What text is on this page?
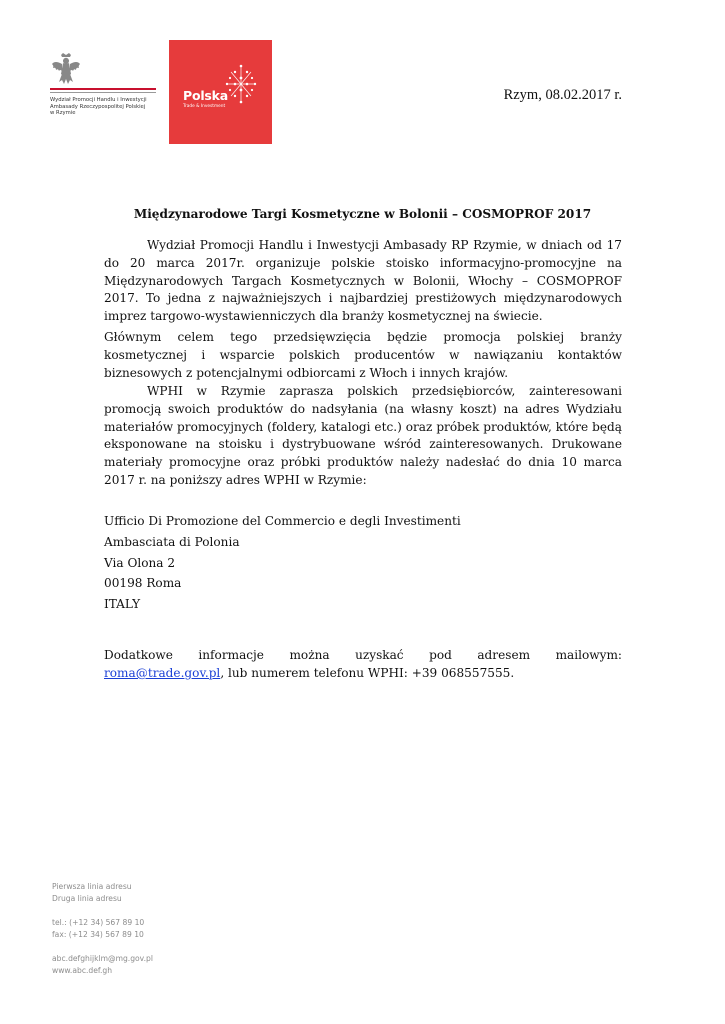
Wydział Promocji Handlu i Inwestycji
Ambasady Rzeczypospolitej Polskiej
w Rzymie
Polska
Trade & Investment
Rzym, 08.02.2017 r.
Międzynarodowe Targi Kosmetyczne w Bolonii – COSMOPROF 2017
Wydział Promocji Handlu i Inwestycji Ambasady RP Rzymie, w dniach od 17 do 20 marca 2017r. organizuje polskie stoisko informacyjno-promocyjne na Międzynarodowych Targach Kosmetycznych w Bolonii, Włochy – COSMOPROF 2017. To jedna z najważniejszych i najbardziej prestiżowych międzynarodowych imprez targowo-wystawienniczych dla branży kosmetycznej na świecie.
Głównym celem tego przedsięwzięcia będzie promocja polskiej branży kosmetycznej i wsparcie polskich producentów w nawiązaniu kontaktów biznesowych z potencjalnymi odbiorcami z Włoch i innych krajów.
WPHI w Rzymie zaprasza polskich przedsiębiorców, zainteresowani promocją swoich produktów do nadsyłania (na własny koszt) na adres Wydziału materiałów promocyjnych (foldery, katalogi etc.) oraz próbek produktów, które będą eksponowane na stoisku i dystrybuowane wśród zainteresowanych. Drukowane materiały promocyjne oraz próbki produktów należy nadesłać do dnia 10 marca 2017 r. na poniższy adres WPHI w Rzymie:
Ufficio Di Promozione del Commercio e degli Investimenti
Ambasciata di Polonia
Via Olona 2
00198 Roma
ITALY
Dodatkowe informacje można uzyskać pod adresem mailowym:
roma@trade.gov.pl, lub numerem telefonu WPHI: +39 068557555.
Pierwsza linia adresu
Druga linia adresu
tel.: (+12 34) 567 89 10
fax: (+12 34) 567 89 10
abc.defghijklm@mg.gov.pl
www.abc.def.gh
